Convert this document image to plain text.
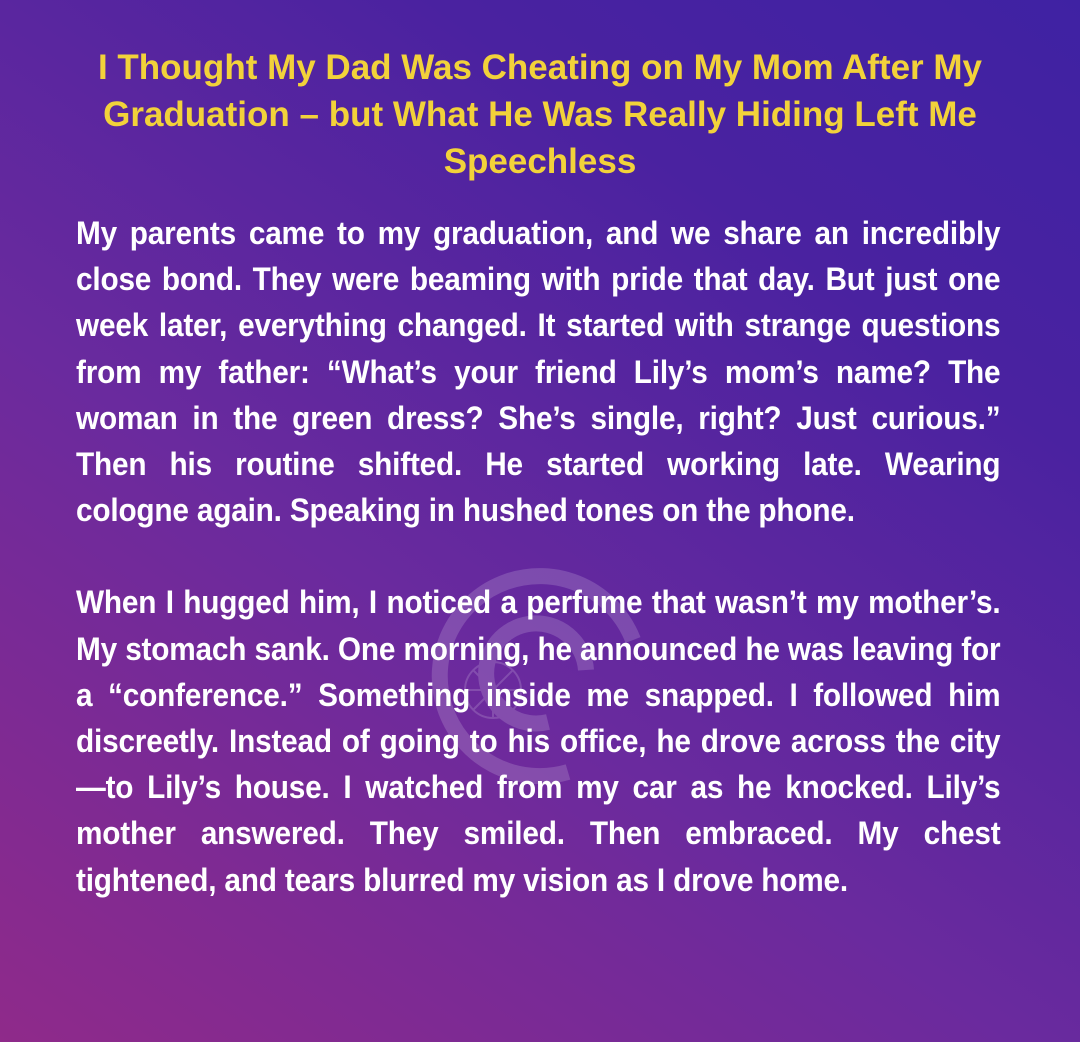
I Thought My Dad Was Cheating on My Mom After My Graduation – but What He Was Really Hiding Left Me Speechless

My parents came to my graduation, and we share an incredibly close bond. They were beaming with pride that day. But just one week later, everything changed. It started with strange questions from my father: “What’s your friend Lily’s mom’s name? The woman in the green dress? She’s single, right? Just curious.” Then his routine shifted. He started working late. Wearing cologne again. Speaking in hushed tones on the phone.

When I hugged him, I noticed a perfume that wasn’t my mother’s. My stomach sank. One morning, he announced he was leaving for a “conference.” Something inside me snapped. I followed him discreetly. Instead of going to his office, he drove across the city—to Lily’s house. I watched from my car as he knocked. Lily’s mother answered. They smiled. Then embraced. My chest tightened, and tears blurred my vision as I drove home.
